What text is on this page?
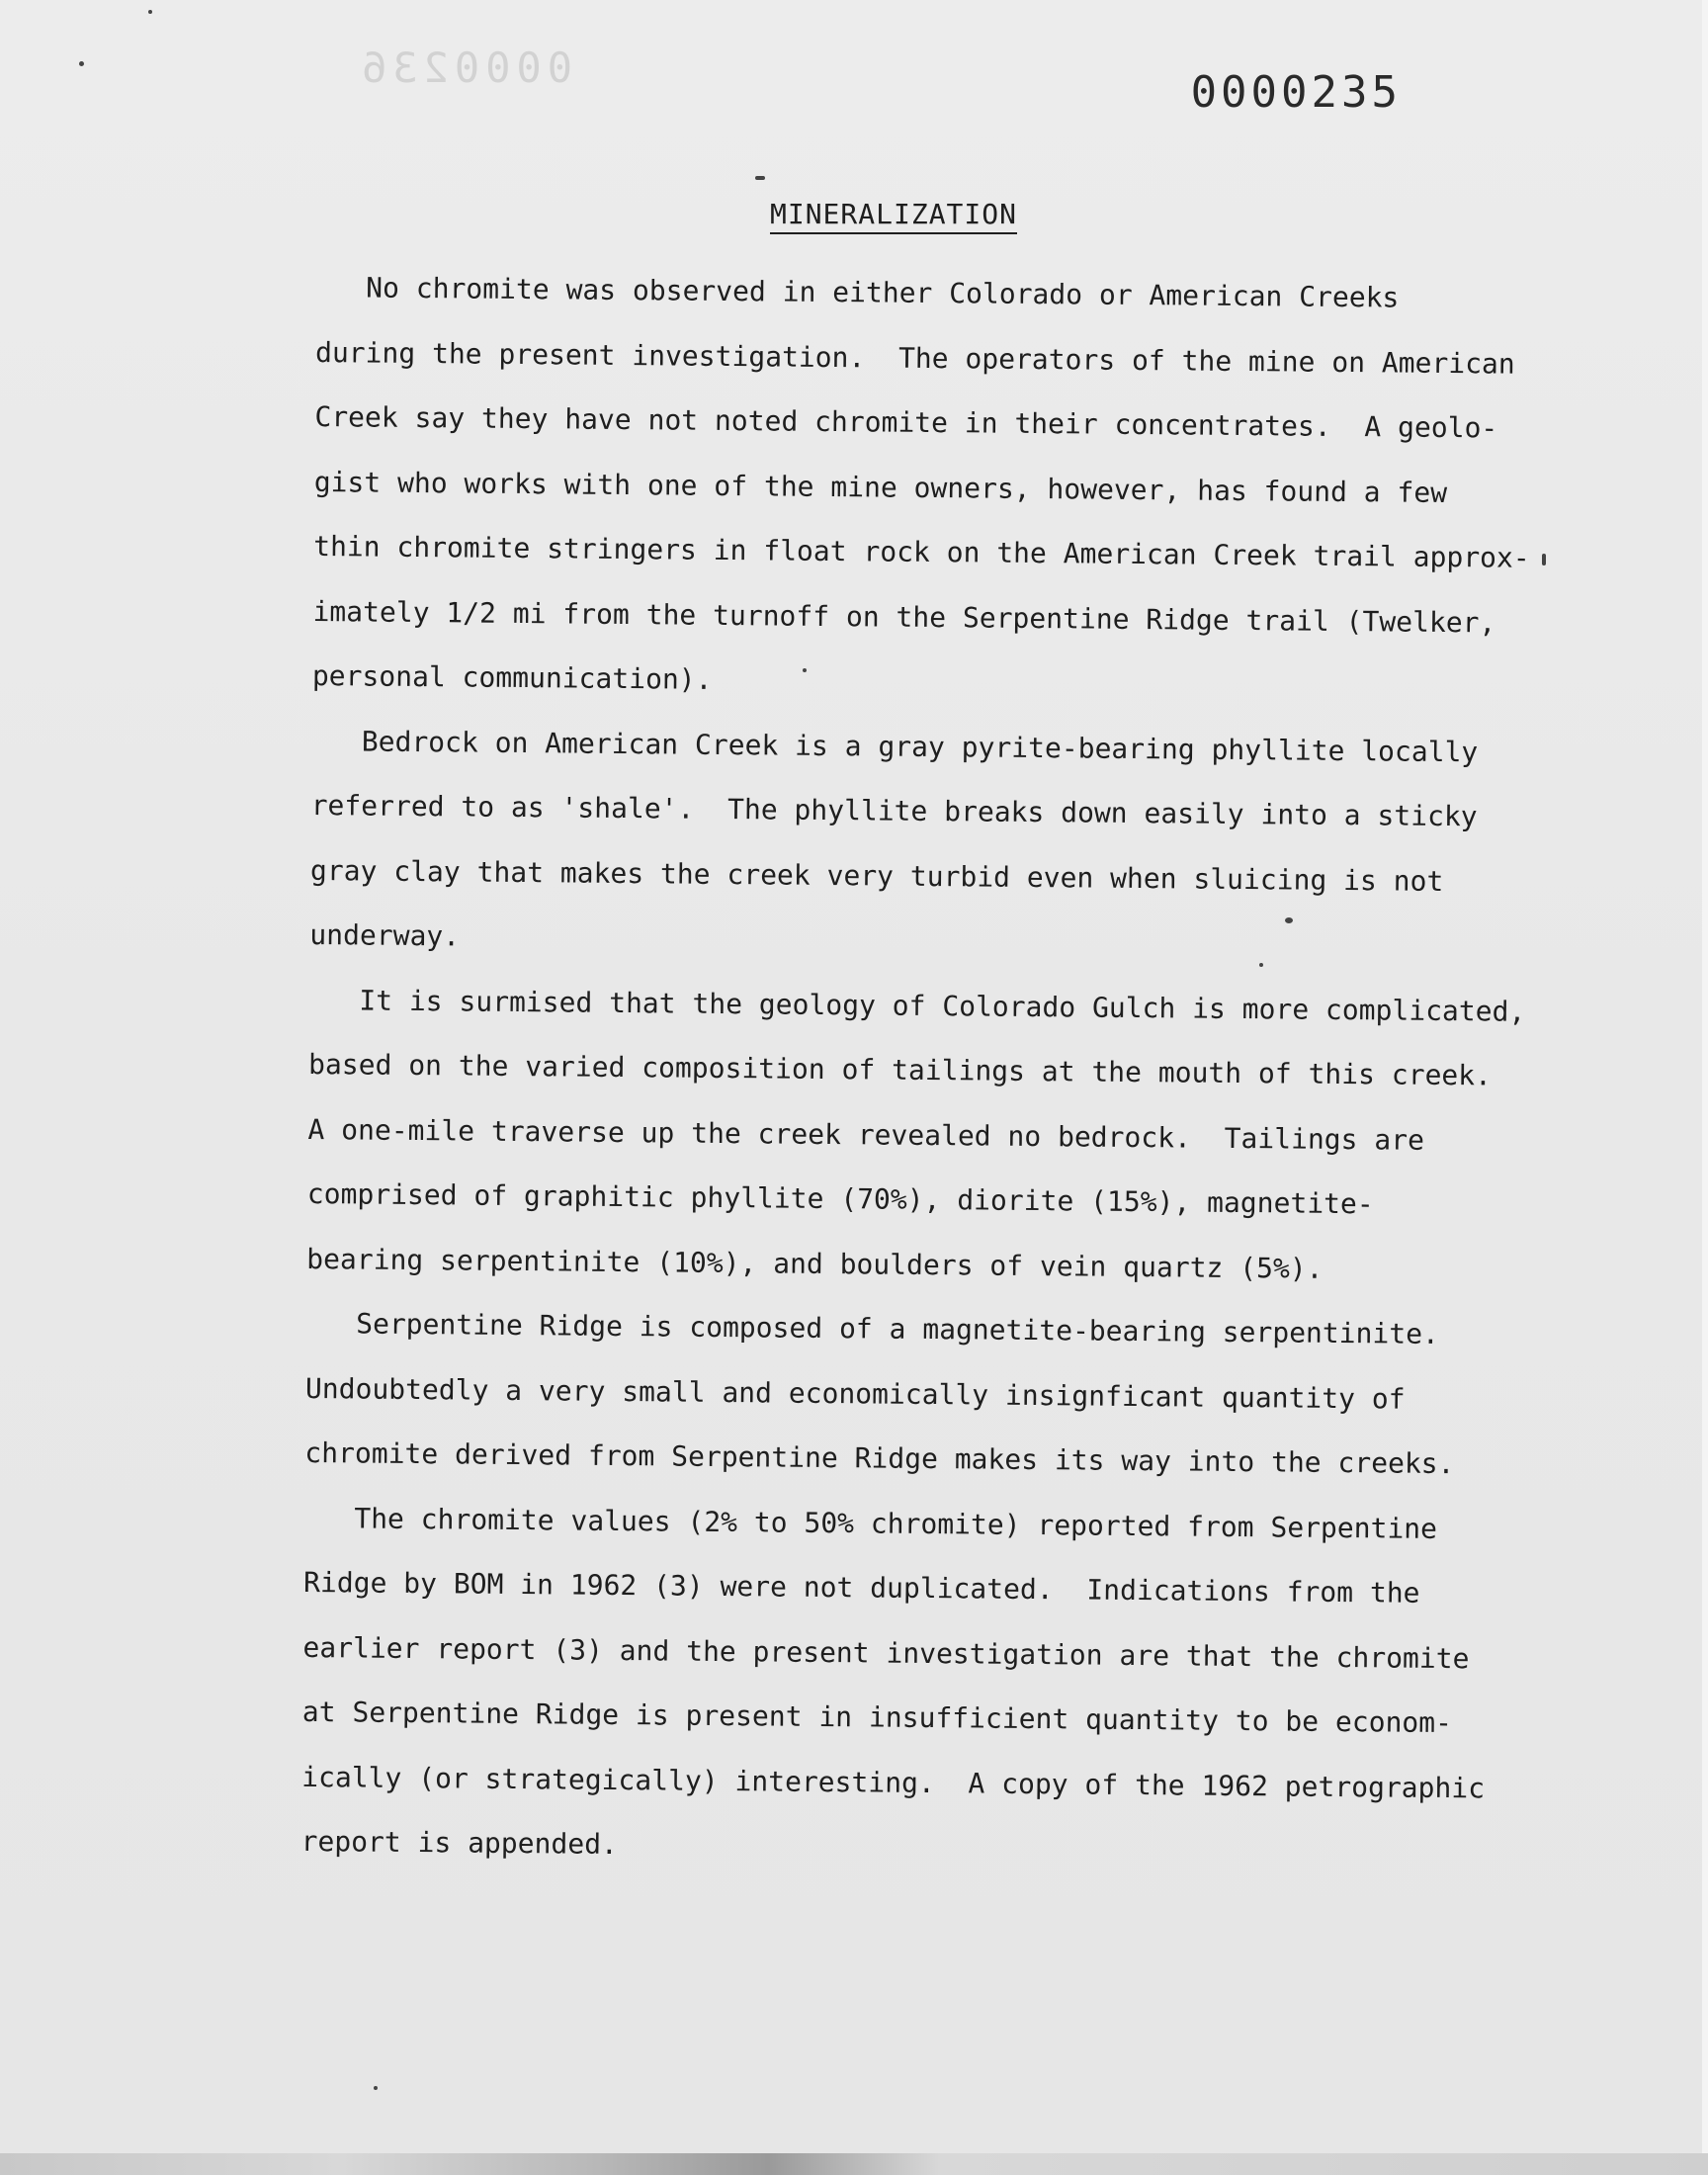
0000236	0000235
MINERALIZATION
No chromite was observed in either Colorado or American Creeks
during the present investigation.  The operators of the mine on American
Creek say they have not noted chromite in their concentrates.  A geolo-
gist who works with one of the mine owners, however, has found a few
thin chromite stringers in float rock on the American Creek trail approx-
imately 1/2 mi from the turnoff on the Serpentine Ridge trail (Twelker,
personal communication).
Bedrock on American Creek is a gray pyrite-bearing phyllite locally
referred to as 'shale'.  The phyllite breaks down easily into a sticky
gray clay that makes the creek very turbid even when sluicing is not
underway.
It is surmised that the geology of Colorado Gulch is more complicated,
based on the varied composition of tailings at the mouth of this creek.
A one-mile traverse up the creek revealed no bedrock.  Tailings are
comprised of graphitic phyllite (70%), diorite (15%), magnetite-
bearing serpentinite (10%), and boulders of vein quartz (5%).
Serpentine Ridge is composed of a magnetite-bearing serpentinite.
Undoubtedly a very small and economically insignficant quantity of
chromite derived from Serpentine Ridge makes its way into the creeks.
The chromite values (2% to 50% chromite) reported from Serpentine
Ridge by BOM in 1962 (3) were not duplicated.  Indications from the
earlier report (3) and the present investigation are that the chromite
at Serpentine Ridge is present in insufficient quantity to be econom-
ically (or strategically) interesting.  A copy of the 1962 petrographic
report is appended.
